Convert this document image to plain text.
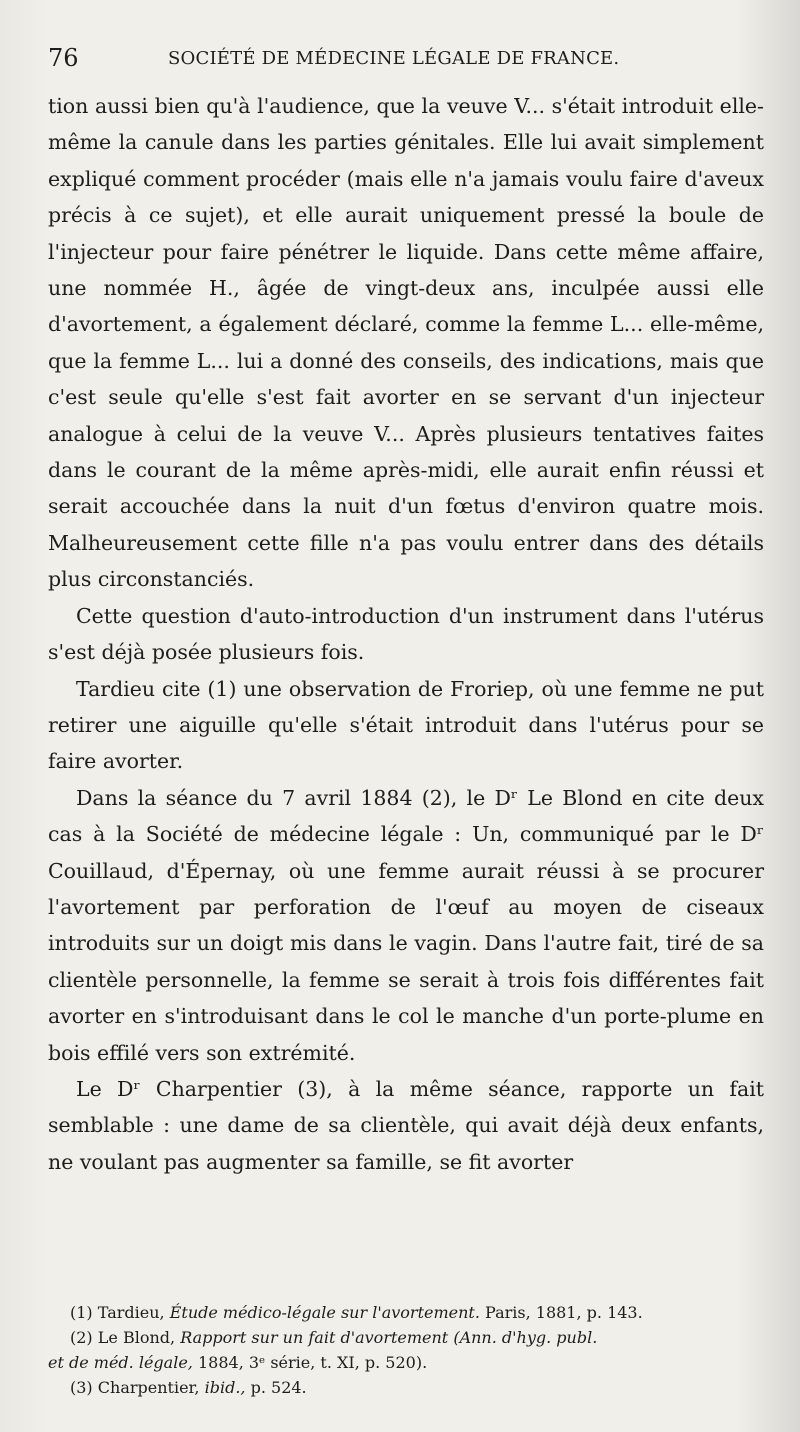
76	SOCIÉTÉ DE MÉDECINE LÉGALE DE FRANCE.

tion aussi bien qu'à l'audience, que la veuve V... s'était introduit elle-même la canule dans les parties génitales. Elle lui avait simplement expliqué comment procéder (mais elle n'a jamais voulu faire d'aveux précis à ce sujet), et elle aurait uniquement pressé la boule de l'injecteur pour faire pénétrer le liquide. Dans cette même affaire, une nommée H., âgée de vingt-deux ans, inculpée aussi elle d'avortement, a également déclaré, comme la femme L... elle-même, que la femme L... lui a donné des conseils, des indications, mais que c'est seule qu'elle s'est fait avorter en se servant d'un injecteur analogue à celui de la veuve V... Après plusieurs tentatives faites dans le courant de la même après-midi, elle aurait enfin réussi et serait accouchée dans la nuit d'un fœtus d'environ quatre mois. Malheureusement cette fille n'a pas voulu entrer dans des détails plus circonstanciés.

Cette question d'auto-introduction d'un instrument dans l'utérus s'est déjà posée plusieurs fois.

Tardieu cite (1) une observation de Froriep, où une femme ne put retirer une aiguille qu'elle s'était introduit dans l'utérus pour se faire avorter.

Dans la séance du 7 avril 1884 (2), le Dʳ Le Blond en cite deux cas à la Société de médecine légale : Un, communiqué par le Dʳ Couillaud, d'Épernay, où une femme aurait réussi à se procurer l'avortement par perforation de l'œuf au moyen de ciseaux introduits sur un doigt mis dans le vagin. Dans l'autre fait, tiré de sa clientèle personnelle, la femme se serait à trois fois différentes fait avorter en s'introduisant dans le col le manche d'un porte-plume en bois effilé vers son extrémité.

Le Dʳ Charpentier (3), à la même séance, rapporte un fait semblable : une dame de sa clientèle, qui avait déjà deux enfants, ne voulant pas augmenter sa famille, se fit avorter

(1) Tardieu, Étude médico-légale sur l'avortement. Paris, 1881, p. 143.

(2) Le Blond, Rapport sur un fait d'avortement (Ann. d'hyg. publ.

et de méd. légale, 1884, 3ᵉ série, t. XI, p. 520).

(3) Charpentier, ibid., p. 524.
